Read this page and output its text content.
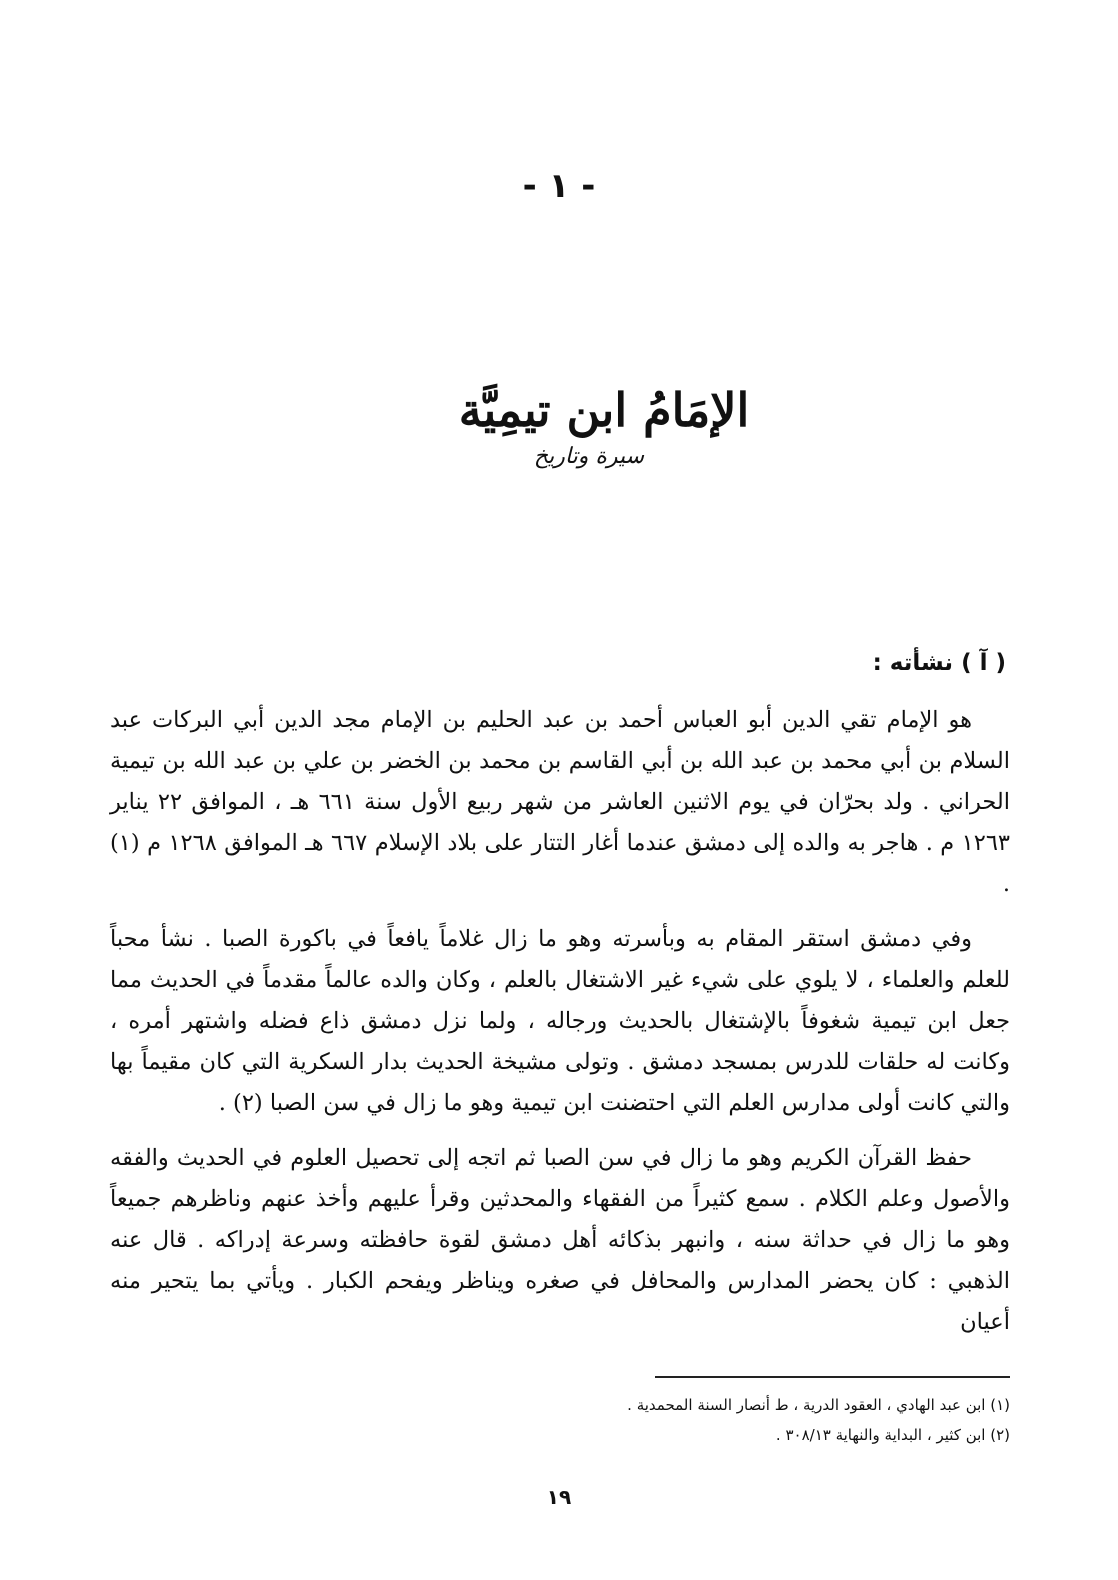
- ١ -
الإمَامُ ابن تيمِيَّة
سيرة وتاريخ
( آ ) نشأته :

هو الإمام تقي الدين أبو العباس أحمد بن عبد الحليم بن الإمام مجد الدين أبي البركات عبد السلام بن أبي محمد بن عبد الله بن أبي القاسم بن محمد بن الخضر بن علي بن عبد الله بن تيمية الحراني . ولد بحرّان في يوم الاثنين العاشر من شهر ربيع الأول سنة ٦٦١ هـ ، الموافق ٢٢ يناير ١٢٦٣ م . هاجر به والده إلى دمشق عندما أغار التتار على بلاد الإسلام ٦٦٧ هـ الموافق ١٢٦٨ م (١) .

وفي دمشق استقر المقام به وبأسرته وهو ما زال غلاماً يافعاً في باكورة الصبا . نشأ محباً للعلم والعلماء ، لا يلوي على شيء غير الاشتغال بالعلم ، وكان والده عالماً مقدماً في الحديث مما جعل ابن تيمية شغوفاً بالإشتغال بالحديث ورجاله ، ولما نزل دمشق ذاع فضله واشتهر أمره ، وكانت له حلقات للدرس بمسجد دمشق . وتولى مشيخة الحديث بدار السكرية التي كان مقيماً بها والتي كانت أولى مدارس العلم التي احتضنت ابن تيمية وهو ما زال في سن الصبا (٢) .

حفظ القرآن الكريم وهو ما زال في سن الصبا ثم اتجه إلى تحصيل العلوم في الحديث والفقه والأصول وعلم الكلام . سمع كثيراً من الفقهاء والمحدثين وقرأ عليهم وأخذ عنهم وناظرهم جميعاً وهو ما زال في حداثة سنه ، وانبهر بذكائه أهل دمشق لقوة حافظته وسرعة إدراكه . قال عنه الذهبي : كان يحضر المدارس والمحافل في صغره ويناظر ويفحم الكبار . ويأتي بما يتحير منه أعيان

(١) ابن عبد الهادي ، العقود الدرية ، ط أنصار السنة المحمدية .
(٢) ابن كثير ، البداية والنهاية ٣٠٨/١٣ .
١٩
